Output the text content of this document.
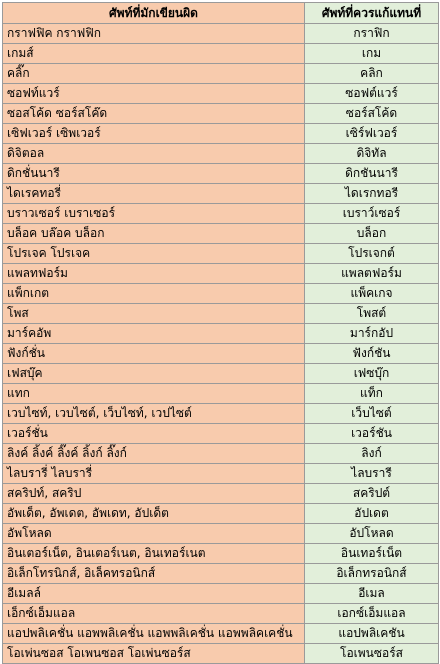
ศัพท์ที่มักเขียนผิด	ศัพท์ที่ควรแก้แทนที่
กราฟฟิค กราฟฟิก	กราฟิก
เกมส์	เกม
คลิ๊ก	คลิก
ซอฟท์แวร์	ซอฟต์แวร์
ซอสโค้ด ซอร์สโค๊ด	ซอร์สโค้ด
เซิฟเวอร์ เซิพเวอร์	เซิร์ฟเวอร์
ดิจิตอล	ดิจิทัล
ดิกชั่นนารี	ดิกชันนารี
ไดเรคทอรี่	ไดเรกทอรี
บราวเซอร์ เบราเซอร์	เบราว์เซอร์
บล็อค บล๊อค บล็อก	บล็อก
โปรเจค โปรเจค	โปรเจกต์
แพลทฟอร์ม	แพลตฟอร์ม
แพ็กเกต	แพ็คเกจ
โพส	โพสต์
มาร์คอัพ	มาร์กอัป
ฟังก์ชั่น	ฟังก์ชัน
เฟสบุ๊ค	เฟซบุ๊ก
แทก	แท็ก
เวบไซท์, เวบไซต์, เว็บไซท์, เวปไซต์	เว็บไซต์
เวอร์ชั่น	เวอร์ชัน
ลิงค์ ลิ้งค์ ลิ๊งค์ ลิ้งก์ ลิ๊งก์	ลิงก์
ไลบรารี่ ไลบรารี่	ไลบรารี
สคริปท์, สคริป	สคริปต์
อัพเด็ต, อัพเดต, อัพเดท, อัปเด็ต	อัปเดต
อัพโหลด	อัปโหลด
อินเตอร์เน็ต, อินเตอร์เนต, อินเทอร์เนต	อินเทอร์เน็ต
อิเล็กโทรนิกส์, อิเล็คทรอนิกส์	อิเล็กทรอนิกส์
อีเมลล์	อีเมล
เอ็กซ์เอ็มแอล	เอกซ์เอ็มแอล
แอปพลิเคชั่น แอพพลิเคชั่น แอพพลิเคชั่น แอพพลิคเคชั่น	แอปพลิเคชัน
โอเพ่นซอส โอเพนซอส โอเพ่นซอร์ส	โอเพนซอร์ส
